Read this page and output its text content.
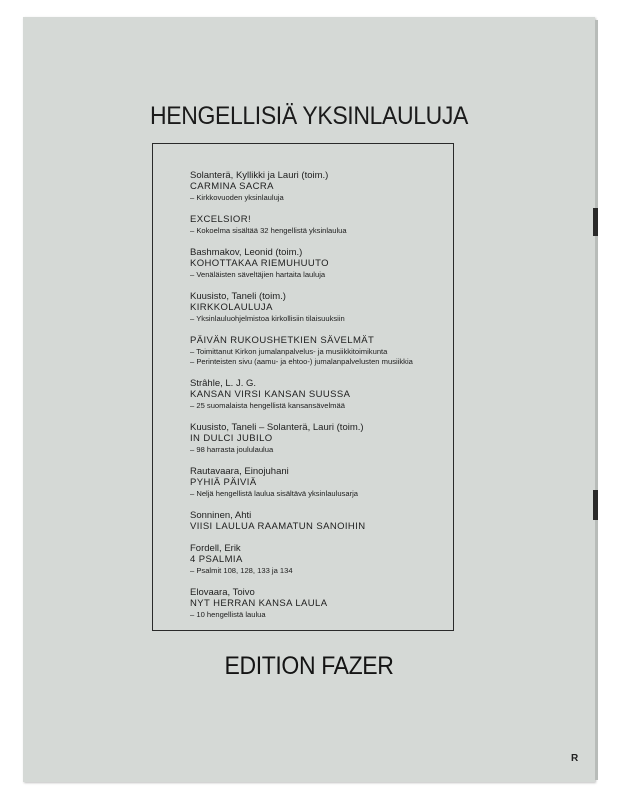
HENGELLISIÄ YKSINLAULUJA
Solanterä, Kyllikki ja Lauri (toim.)
CARMINA SACRA
– Kirkkovuoden yksinlauluja
EXCELSIOR!
– Kokoelma sisältää 32 hengellistä yksinlaulua
Bashmakov, Leonid (toim.)
KOHOTTAKAA RIEMUHUUTO
– Venäläisten säveltäjien hartaita lauluja
Kuusisto, Taneli (toim.)
KIRKKOLAULUJA
– Yksinlauluohjelmistoa kirkollisiin tilaisuuksiin
PÄIVÄN RUKOUSHETKIEN SÄVELMÄT
– Toimittanut Kirkon jumalanpalvelus- ja musiikkitoimikunta
– Perinteisten sivu (aamu- ja ehtoo-) jumalanpalvelusten musiikkia
Strâhle, L. J. G.
KANSAN VIRSI KANSAN SUUSSA
– 25 suomalaista hengellistä kansansävelmää
Kuusisto, Taneli – Solanterä, Lauri (toim.)
IN DULCI JUBILO
– 98 harrasta joululaulua
Rautavaara, Einojuhani
PYHIÄ PÄIVIÄ
– Neljä hengellistä laulua sisältävä yksinlaulusarja
Sonninen, Ahti
VIISI LAULUA RAAMATUN SANOIHIN
Fordell, Erik
4 PSALMIA
– Psalmit 108, 128, 133 ja 134
Elovaara, Toivo
NYT HERRAN KANSA LAULA
– 10 hengellistä laulua
EDITION FAZER
R
